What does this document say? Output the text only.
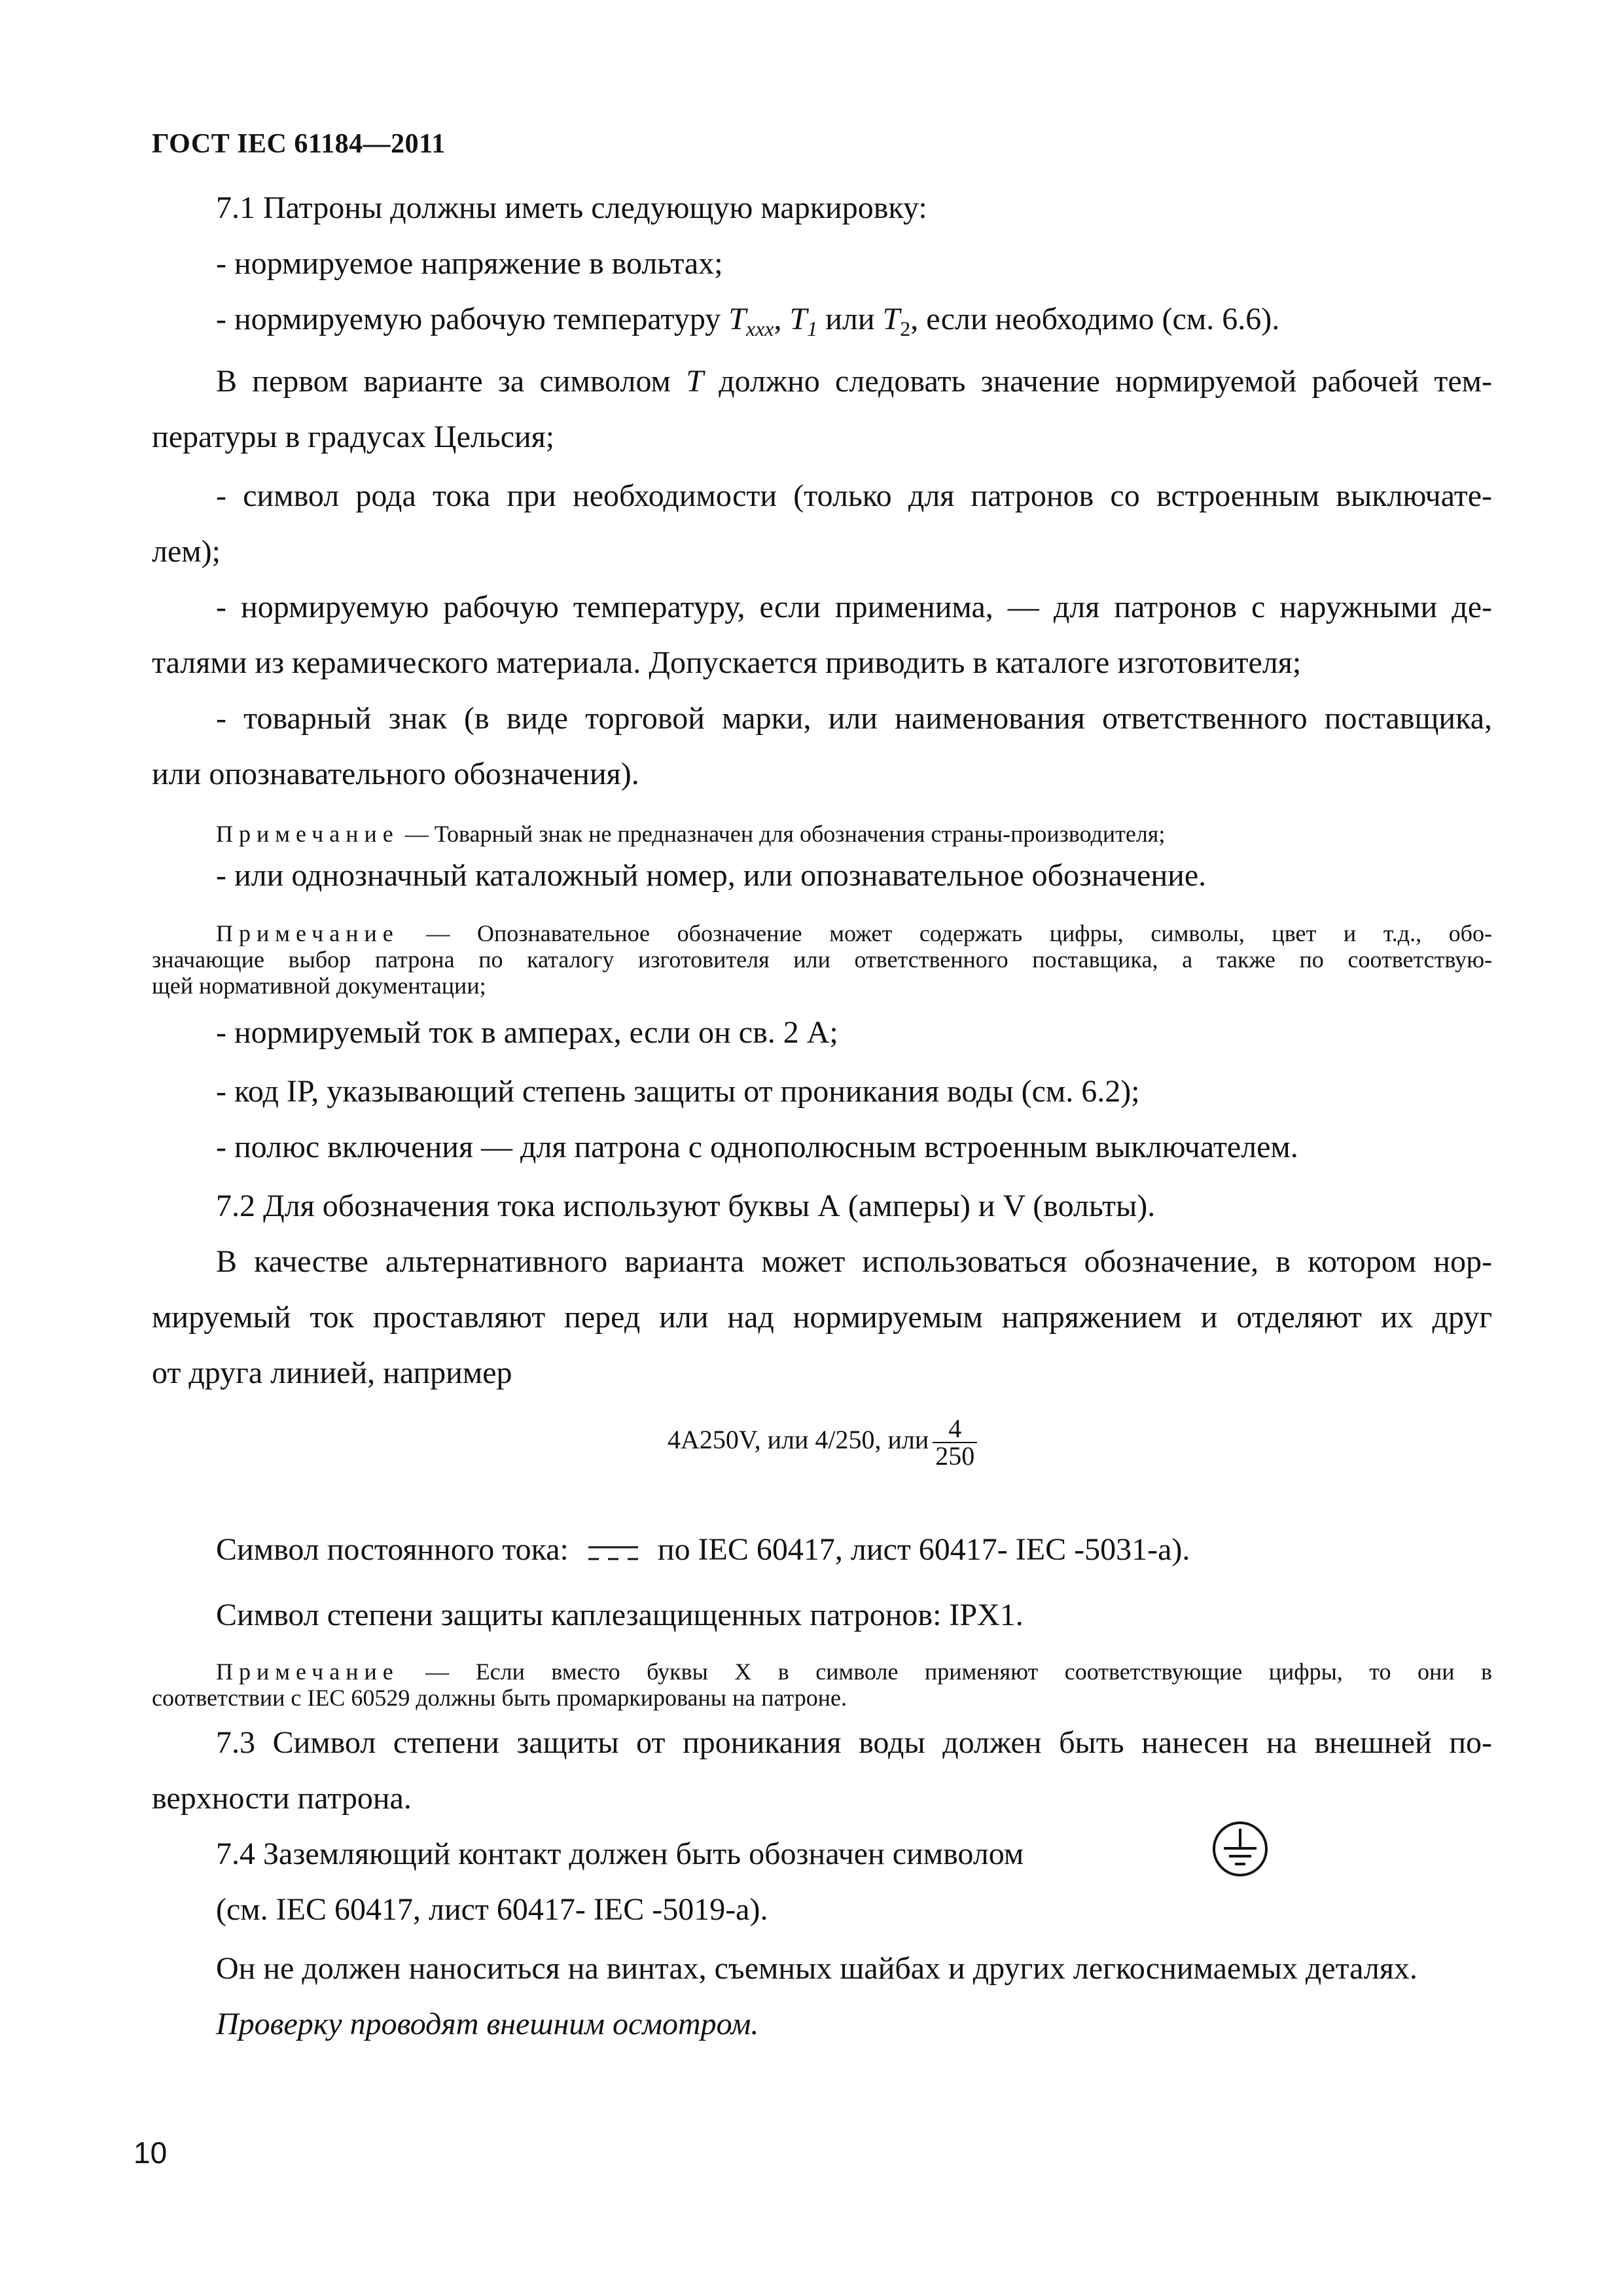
ГОСТ IEC 61184—2011
7.1 Патроны должны иметь следующую маркировку:
- нормируемое напряжение в вольтах;
- нормируемую рабочую температуру $T_{xxx}$, $T_1$ или $T_2$, если необходимо (см. 6.6).
В первом варианте за символом T должно следовать значение нормируемой рабочей тем-
пературы в градусах Цельсия;
- символ рода тока при необходимости (только для патронов со встроенным выключате-
лем);
- нормируемую рабочую температуру, если применима, — для патронов с наружными де-
талями из керамического материала. Допускается приводить в каталоге изготовителя;
- товарный знак (в виде торговой марки, или наименования ответственного поставщика,
или опознавательного обозначения).
Примечание — Товарный знак не предназначен для обозначения страны-производителя;
- или однозначный каталожный номер, или опознавательное обозначение.
Примечание — Опознавательное обозначение может содержать цифры, символы, цвет и т.д., обо-
значающие выбор патрона по каталогу изготовителя или ответственного поставщика, а также по соответствую-
щей нормативной документации;
- нормируемый ток в амперах, если он св. 2 А;
- код IP, указывающий степень защиты от проникания воды (см. 6.2);
- полюс включения — для патрона с однополюсным встроенным выключателем.
7.2 Для обозначения тока используют буквы А (амперы) и V (вольты).
В качестве альтернативного варианта может использоваться обозначение, в котором нор-
мируемый ток проставляют перед или над нормируемым напряжением и отделяют их друг
от друга линией, например
4A250V, или 4/250, или $\frac{4}{250}$
Символ постоянного тока:	по IEC 60417, лист 60417- IEC -5031-a).
Символ степени защиты каплезащищенных патронов: IPX1.
Примечание — Если вместо буквы X в символе применяют соответствующие цифры, то они в
соответствии с IEC 60529 должны быть промаркированы на патроне.
7.3 Символ степени защиты от проникания воды должен быть нанесен на внешней по-
верхности патрона.
7.4 Заземляющий контакт должен быть обозначен символом
(см. IEC 60417, лист 60417- IEC -5019-a).
Он не должен наноситься на винтах, съемных шайбах и других легкоснимаемых деталях.
Проверку проводят внешним осмотром.
10
